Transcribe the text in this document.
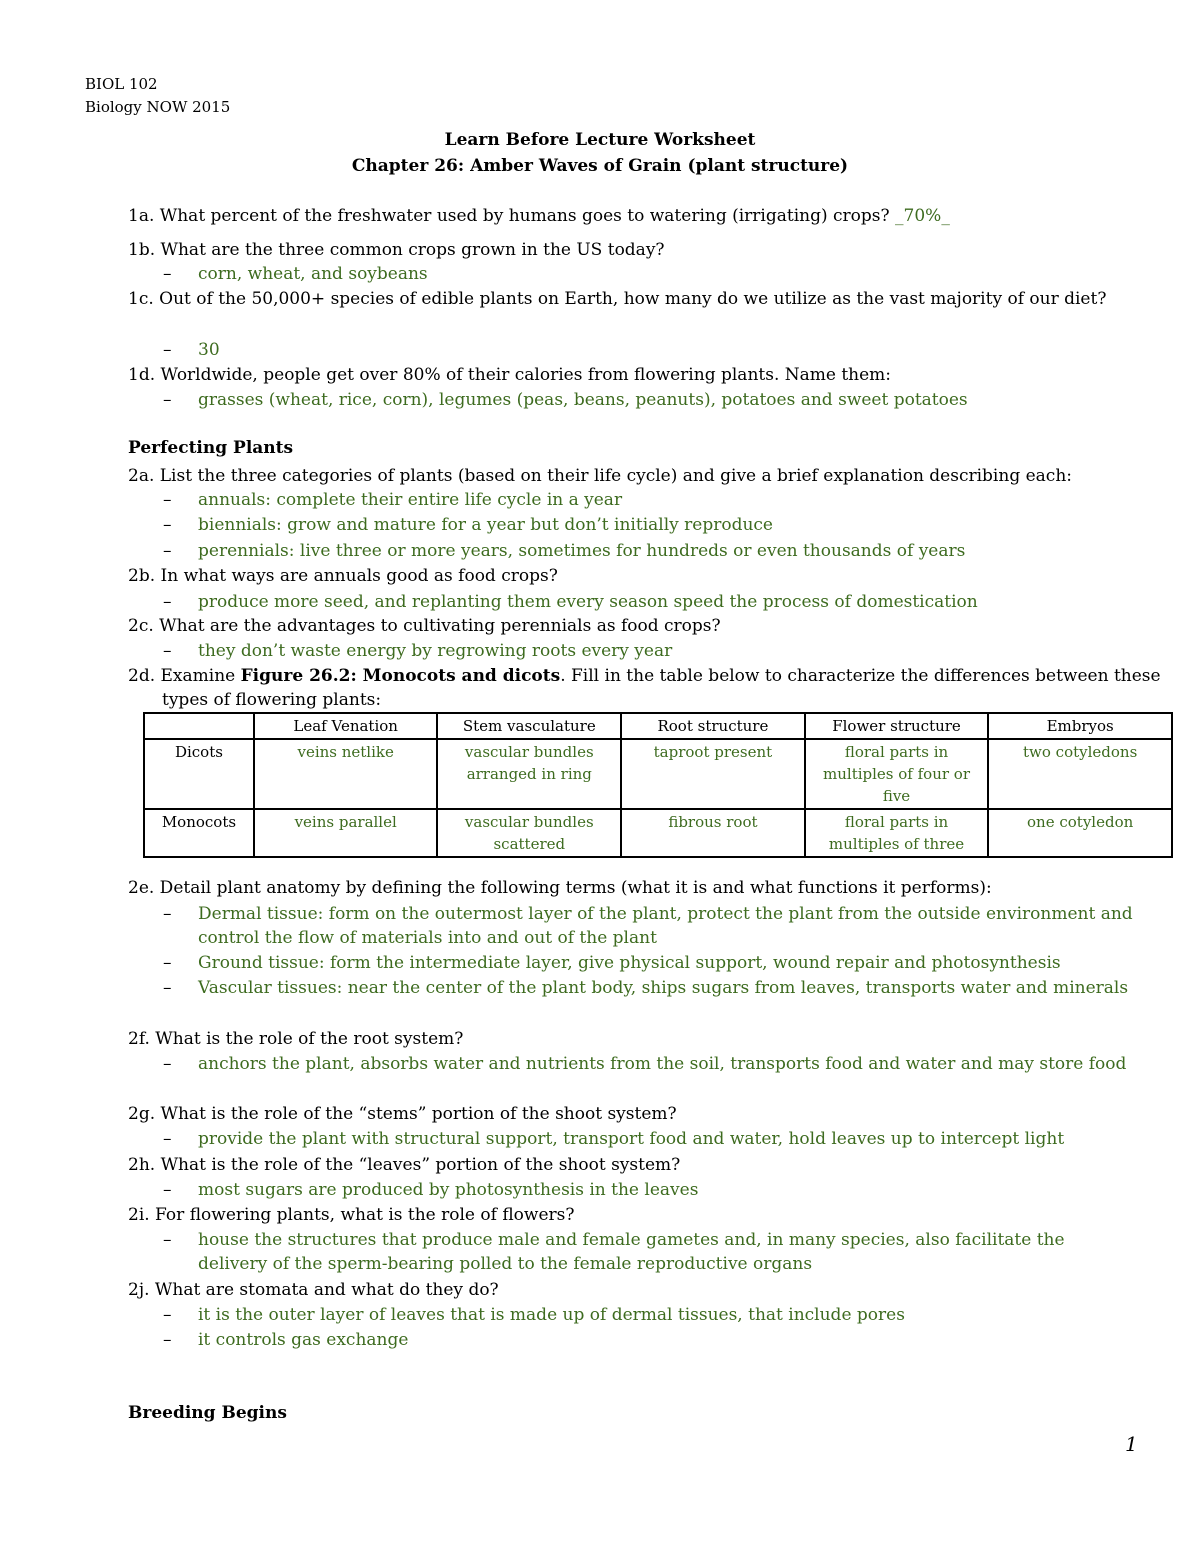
BIOL 102
Biology NOW 2015
Learn Before Lecture Worksheet
Chapter 26: Amber Waves of Grain (plant structure)
1a. What percent of the freshwater used by humans goes to watering (irrigating) crops? _70%_
1b. What are the three common crops grown in the US today?
– corn, wheat, and soybeans
1c. Out of the 50,000+ species of edible plants on Earth, how many do we utilize as the vast majority of our diet?
– 30
1d. Worldwide, people get over 80% of their calories from flowering plants. Name them:
– grasses (wheat, rice, corn), legumes (peas, beans, peanuts), potatoes and sweet potatoes
Perfecting Plants
2a. List the three categories of plants (based on their life cycle) and give a brief explanation describing each:
– annuals: complete their entire life cycle in a year
– biennials: grow and mature for a year but don’t initially reproduce
– perennials: live three or more years, sometimes for hundreds or even thousands of years
2b. In what ways are annuals good as food crops?
– produce more seed, and replanting them every season speed the process of domestication
2c. What are the advantages to cultivating perennials as food crops?
– they don’t waste energy by regrowing roots every year
2d. Examine Figure 26.2: Monocots and dicots. Fill in the table below to characterize the differences between these types of flowering plants:
	Leaf Venation	Stem vasculature	Root structure	Flower structure	Embryos
Dicots	veins netlike	vascular bundles arranged in ring	taproot present	floral parts in multiples of four or five	two cotyledons
Monocots	veins parallel	vascular bundles scattered	fibrous root	floral parts in multiples of three	one cotyledon
2e. Detail plant anatomy by defining the following terms (what it is and what functions it performs):
– Dermal tissue: form on the outermost layer of the plant, protect the plant from the outside environment and control the flow of materials into and out of the plant
– Ground tissue: form the intermediate layer, give physical support, wound repair and photosynthesis
– Vascular tissues: near the center of the plant body, ships sugars from leaves, transports water and minerals
2f. What is the role of the root system?
– anchors the plant, absorbs water and nutrients from the soil, transports food and water and may store food
2g. What is the role of the “stems” portion of the shoot system?
– provide the plant with structural support, transport food and water, hold leaves up to intercept light
2h. What is the role of the “leaves” portion of the shoot system?
– most sugars are produced by photosynthesis in the leaves
2i. For flowering plants, what is the role of flowers?
– house the structures that produce male and female gametes and, in many species, also facilitate the delivery of the sperm-bearing polled to the female reproductive organs
2j. What are stomata and what do they do?
– it is the outer layer of leaves that is made up of dermal tissues, that include pores
– it controls gas exchange
Breeding Begins
1
